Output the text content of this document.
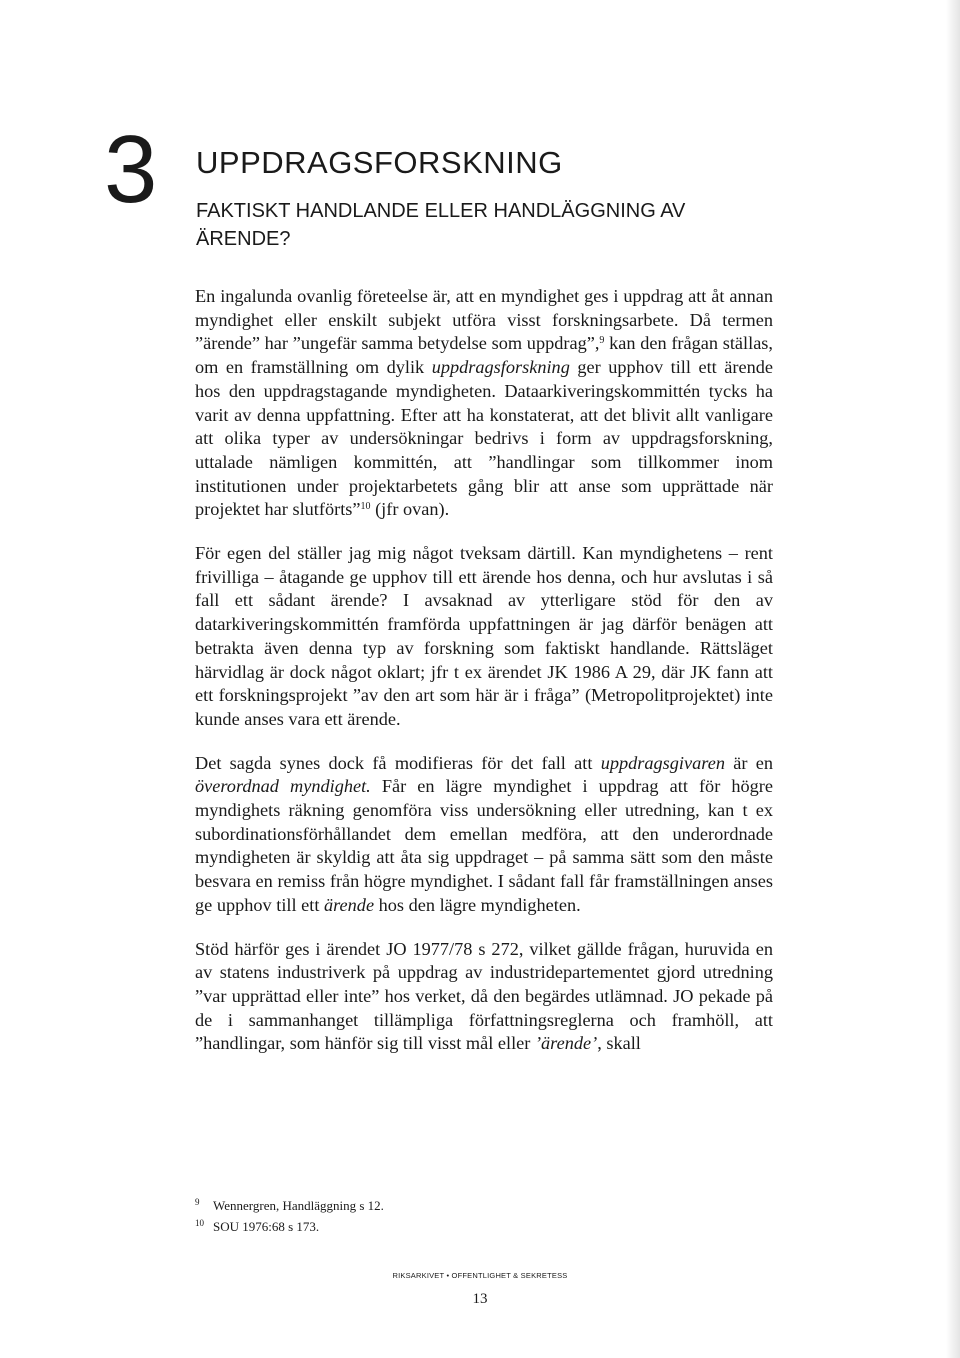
3 UPPDRAGSFORSKNING
FAKTISKT HANDLANDE ELLER HANDLÄGGNING AV ÄRENDE?

En ingalunda ovanlig företeelse är, att en myndighet ges i uppdrag att åt annan myndighet eller enskilt subjekt utföra visst forskningsarbete. Då termen ”ärende” har ”ungefär samma betydelse som uppdrag”,$^9$ kan den frågan ställas, om en framställning om dylik uppdragsforskning ger upphov till ett ärende hos den uppdragstagande myndigheten. Dataarkiveringskommittén tycks ha varit av denna uppfattning. Efter att ha konstaterat, att det blivit allt vanligare att olika typer av undersökningar bedrivs i form av uppdragsforskning, uttalade nämligen kommittén, att ”handlingar som tillkommer inom institutionen under projektarbetets gång blir att anse som upprättade när projektet har slutförts”$^{10}$ (jfr ovan).

För egen del ställer jag mig något tveksam därtill. Kan myndighetens – rent frivilliga – åtagande ge upphov till ett ärende hos denna, och hur avslutas i så fall ett sådant ärende? I avsaknad av ytterligare stöd för den av datarkiveringskommittén framförda uppfattningen är jag därför benägen att betrakta även denna typ av forskning som faktiskt handlande. Rättsläget härvidlag är dock något oklart; jfr t ex ärendet JK 1986 A 29, där JK fann att ett forskningsprojekt ”av den art som här är i fråga” (Metropolitprojektet) inte kunde anses vara ett ärende.

Det sagda synes dock få modifieras för det fall att uppdragsgivaren är en överordnad myndighet. Får en lägre myndighet i uppdrag att för högre myndighets räkning genomföra viss undersökning eller utredning, kan t ex subordinationsförhållandet dem emellan medföra, att den underordnade myndigheten är skyldig att åta sig uppdraget – på samma sätt som den måste besvara en remiss från högre myndighet. I sådant fall får framställningen anses ge upphov till ett ärende hos den lägre myndigheten.

Stöd härför ges i ärendet JO 1977/78 s 272, vilket gällde frågan, huruvida en av statens industriverk på uppdrag av industridepartementet gjord utredning ”var upprättad eller inte” hos verket, då den begärdes utlämnad. JO pekade på de i sammanhanget tillämpliga författningsreglerna och framhöll, att ”handlingar, som hänför sig till visst mål eller ’ärende’, skall

9	Wennergren, Handläggning s 12.
10 SOU 1976:68 s 173.
RIKSARKIVET • OFFENTLIGHET & SEKRETESS
13
